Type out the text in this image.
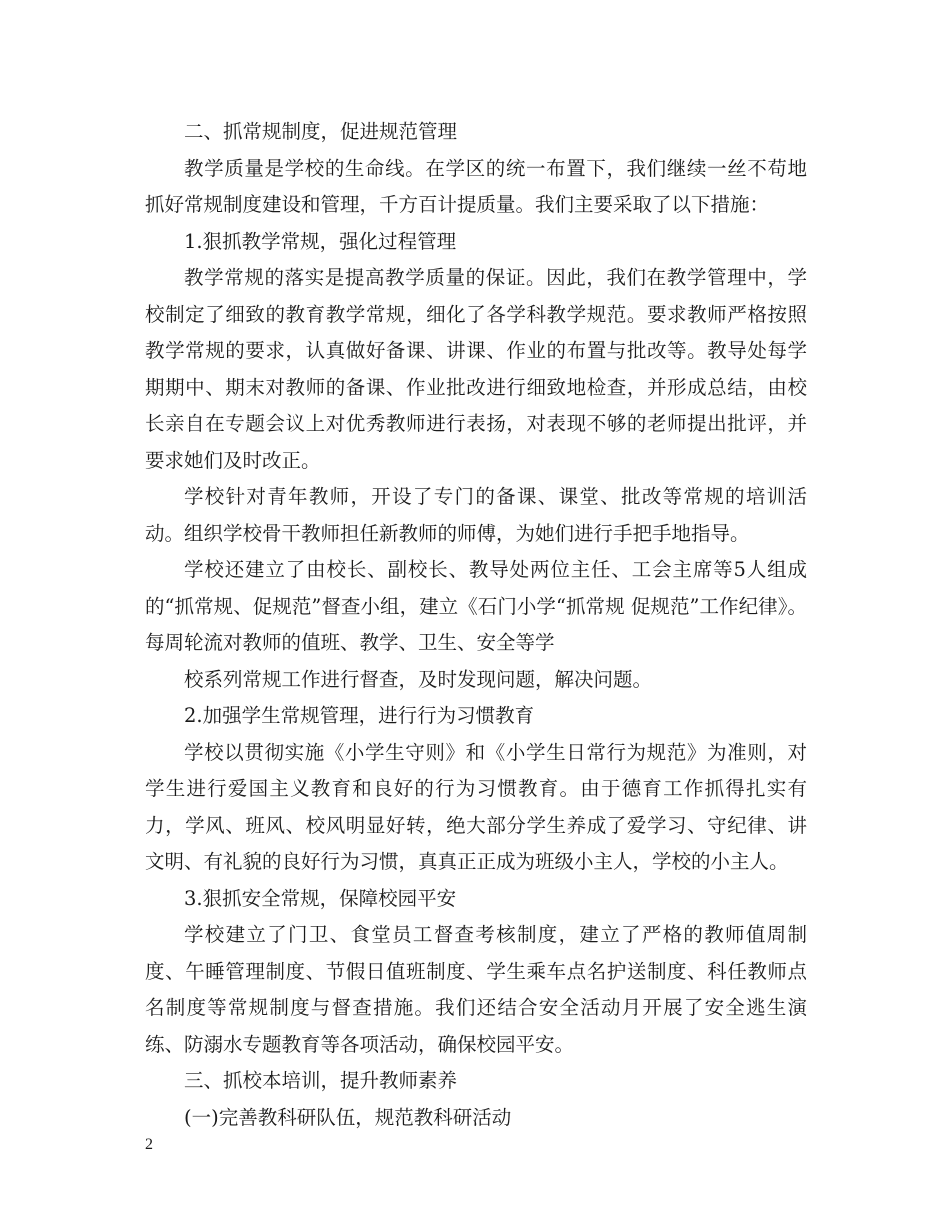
二、抓常规制度，促进规范管理

教学质量是学校的生命线。在学区的统一布置下，我们继续一丝不苟地抓好常规制度建设和管理，千方百计提质量。我们主要采取了以下措施：

1.狠抓教学常规，强化过程管理

教学常规的落实是提高教学质量的保证。因此，我们在教学管理中，学校制定了细致的教育教学常规，细化了各学科教学规范。要求教师严格按照教学常规的要求，认真做好备课、讲课、作业的布置与批改等。教导处每学期期中、期末对教师的备课、作业批改进行细致地检查，并形成总结，由校长亲自在专题会议上对优秀教师进行表扬，对表现不够的老师提出批评，并要求她们及时改正。

学校针对青年教师，开设了专门的备课、课堂、批改等常规的培训活动。组织学校骨干教师担任新教师的师傅，为她们进行手把手地指导。

学校还建立了由校长、副校长、教导处两位主任、工会主席等5人组成的“抓常规、促规范”督查小组，建立《石门小学“抓常规 促规范”工作纪律》。每周轮流对教师的值班、教学、卫生、安全等学

校系列常规工作进行督查，及时发现问题，解决问题。

2.加强学生常规管理，进行行为习惯教育

学校以贯彻实施《小学生守则》和《小学生日常行为规范》为准则，对学生进行爱国主义教育和良好的行为习惯教育。由于德育工作抓得扎实有力，学风、班风、校风明显好转，绝大部分学生养成了爱学习、守纪律、讲文明、有礼貌的良好行为习惯，真真正正成为班级小主人，学校的小主人。

3.狠抓安全常规，保障校园平安

学校建立了门卫、食堂员工督查考核制度，建立了严格的教师值周制度、午睡管理制度、节假日值班制度、学生乘车点名护送制度、科任教师点名制度等常规制度与督查措施。我们还结合安全活动月开展了安全逃生演练、防溺水专题教育等各项活动，确保校园平安。

三、抓校本培训，提升教师素养

(一)完善教科研队伍，规范教科研活动

2
